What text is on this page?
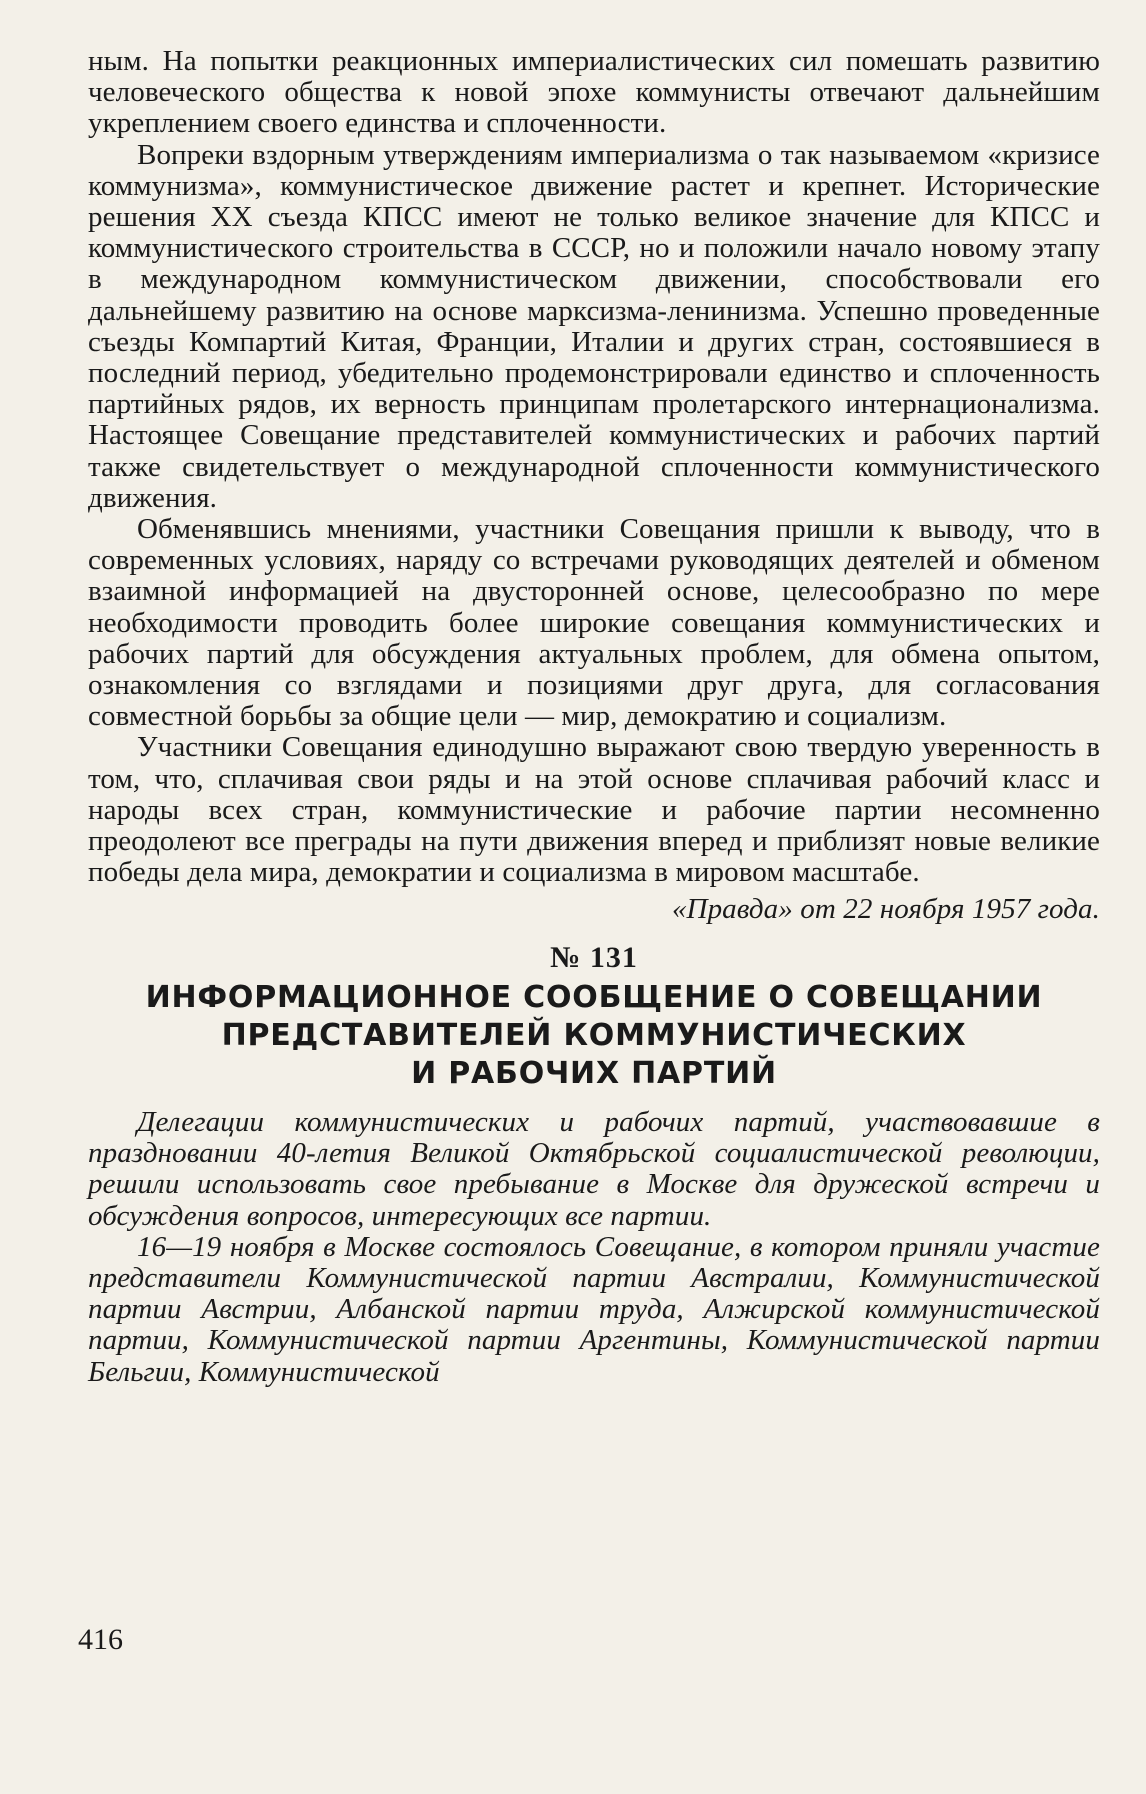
ным. На попытки реакционных империалистических сил помешать развитию человеческого общества к новой эпохе коммунисты отвечают дальнейшим укреплением своего единства и сплоченности.

Вопреки вздорным утверждениям империализма о так называемом «кризисе коммунизма», коммунистическое движение растет и крепнет. Исторические решения XX съезда КПСС имеют не только великое значение для КПСС и коммунистического строительства в СССР, но и положили начало новому этапу в международном коммунистическом движении, способствовали его дальнейшему развитию на основе марксизма-ленинизма. Успешно проведенные съезды Компартий Китая, Франции, Италии и других стран, состоявшиеся в последний период, убедительно продемонстрировали единство и сплоченность партийных рядов, их верность принципам пролетарского интернационализма. Настоящее Совещание представителей коммунистических и рабочих партий также свидетельствует о международной сплоченности коммунистического движения.

Обменявшись мнениями, участники Совещания пришли к выводу, что в современных условиях, наряду со встречами руководящих деятелей и обменом взаимной информацией на двусторонней основе, целесообразно по мере необходимости проводить более широкие совещания коммунистических и рабочих партий для обсуждения актуальных проблем, для обмена опытом, ознакомления со взглядами и позициями друг друга, для согласования совместной борьбы за общие цели — мир, демократию и социализм.

Участники Совещания единодушно выражают свою твердую уверенность в том, что, сплачивая свои ряды и на этой основе сплачивая рабочий класс и народы всех стран, коммунистические и рабочие партии несомненно преодолеют все преграды на пути движения вперед и приблизят новые великие победы дела мира, демократии и социализма в мировом масштабе.

«Правда» от 22 ноября 1957 года.

№ 131

ИНФОРМАЦИОННОЕ СООБЩЕНИЕ О СОВЕЩАНИИ
ПРЕДСТАВИТЕЛЕЙ КОММУНИСТИЧЕСКИХ
И РАБОЧИХ ПАРТИЙ

Делегации коммунистических и рабочих партий, участвовавшие в праздновании 40-летия Великой Октябрьской социалистической революции, решили использовать свое пребывание в Москве для дружеской встречи и обсуждения вопросов, интересующих все партии.

16—19 ноября в Москве состоялось Совещание, в котором приняли участие представители Коммунистической партии Австралии, Коммунистической партии Австрии, Албанской партии труда, Алжирской коммунистической партии, Коммунистической партии Аргентины, Коммунистической партии Бельгии, Коммунистической

416
